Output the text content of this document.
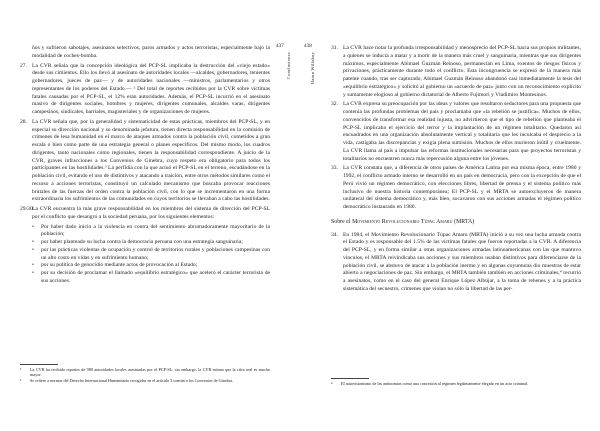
ños y sufrieron sabotajes, asesinatos selectivos, paros armados y actos terroristas, especialmente bajo la modalidad de coches-bomba.
27. La CVR señala que la concepción ideológica del PCP-SL implicaba la destrucción del «viejo estado» desde sus cimientos. Ello los llevó al asesinato de autoridades locales —alcaldes, gobernadores, tenientes gobernadores, jueces de paz— y de autoridades nacionales —ministros, parlamentarios y otros representantes de los poderes del Estado.— ² Del total de reportes recibidos por la CVR sobre víctimas fatales causadas por el PCP-SL, el 12% eran autoridades. Además, el PCP-SL incurrió en el asesinato masivo de dirigentes sociales, hombres y mujeres, dirigentes comunales, alcaldes varas, dirigentes campesinos, sindicales, barriales, magisteriales y de organizaciones de mujeres.
28. La CVR señala que, por la generalidad y sistematicidad de estas prácticas, miembros del PCP-SL, y en especial su dirección nacional y su denominada jefatura, tienen directa responsabilidad en la comisión de crímenes de lesa humanidad en el marco de ataques armados contra la población civil, cometidos a gran escala o bien como parte de una estrategia general o planes específicos. Del mismo modo, los cuadros dirigentes, tanto nacionales como regionales, tienen la responsabilidad correspondiente. A juicio de la CVR, graves infracciones a los Convenios de Ginebra, cuyo respeto era obligatorio para todos los participantes en las hostilidades.³ La perfidia con la que actuó el PCP-SL en el terreno, escudándose en la población civil, evitando el uso de distintivos y atacando a traición, entre otros métodos similares como el recurso a acciones terroristas, constituyó un calculado mecanismo que buscaba provocar reacciones brutales de las fuerzas del orden contra la población civil, con lo que se incrementaron en una forma extraordinaria los sufrimientos de las comunidades en cuyos territorios se llevaban a cabo las hostilidades.
29/30.
La CVR encuentra la más grave responsabilidad en los miembros del sistema de dirección del PCP-SL por el conflicto que desangró a la sociedad peruana, por los siguientes elementos:
• Por haber dado inicio a la violencia en contra del sentimiento abrumadoramente mayoritario de la población;
• por haber planteado su lucha contra la democracia peruana con una estrategia sanguinaria;
• por las prácticas violentas de ocupación y control de territorios rurales y poblaciones campesinas con un alto costo en vidas y en sufrimiento humano;
• por su política de genocidio mediante actos de provocación al Estado;
• por su decisión de proclamar el llamado «equilibrio estratégico» que aceleró el carácter terrorista de sus acciones.
437
Conclusiones

² La CVR ha recibido reportes de 980 autoridades locales asesinadas por el PCP-SL; sin embargo, la CVR estima que la cifra real es mucho mayor.

³ Se refiere a normas del Derecho Internacional Humanitario recogidas en el artículo 3 común a los Convenios de Ginebra.

438
Hatun Willakuy
31. La CVR hace notar la profunda irresponsabilidad y menosprecio del PCP-SL hacia sus propios militantes, a quienes se inducía a matar y a morir de la manera más cruel y sanguinaria, mientras que sus dirigentes máximos, especialmente Abimael Guzmán Reinoso, permanecían en Lima, exentos de riesgos físicos y privaciones, prácticamente durante todo el conflicto. Esta incongruencia se expresó de la manera más patente cuando, tras ser capturado, Abimael Guzmán Reinoso abandonó casi inmediatamente la tesis del «equilibrio estratégico» y solicitó al gobierno un «acuerdo de paz» junto con un reconocimiento explícito y sumamente elogioso al gobierno dictatorial de Alberto Fujimori y Vladimiro Montesinos.
32. La CVR expresa su preocupación por las ideas y valores que resultaron seductores para una propuesta que contenía las profundas problemas del país y proclamaba que «la rebelión se justifica». Muchos de ellos, convencidos de transformar esa realidad injusta, no advirtieron que el tipo de rebelión que planteaba el PCP-SL implicaba el ejercicio del terror y la implantación de un régimen totalitario. Quedaron así encuadrados en una organización absolutamente vertical y totalitaria que les inculcaba el desprecio a la vida, castigaba las discrepancias y exigía plena sumisión. Muchos de ellos murieron inútil y cruelmente. La CVR llama al país a impulsar las reformas institucionales necesarias para que proyectos terroristas y totalitarios no encuentren nunca más repercusión alguna entre los jóvenes.
33. La CVR constata que, a diferencia de otros países de América Latina por esa misma época, entre 1980 y 1992, el conflicto armado interno se desarrolló en un país en democracia, pero con la excepción de que el Perú vivió un régimen democrático, con elecciones libres, libertad de prensa y el sistema político más inclusivo de nuestra historia contemporánea; El PCP-SL y el MRTA se autoexcluyeron de manera unilateral del sistema democrático y, más bien, socavaron con sus acciones armadas el régimen político democrático instaurado en 1980.
Sobre el Movimiento Revolucionario Túpac Amaru (MRTA)
34. En 1984, el Movimiento Revolucionario Túpac Amaru (MRTA) inició a su vez una lucha armada contra el Estado y es responsable del 1.5% de las víctimas fatales que fueron reportadas a la CVR. A diferencia del PCP-SL, y en forma similar a otras organizaciones armadas latinoamericanas con las que mantuvo vínculos, el MRTA reivindicaba sus acciones y sus miembros usaban distintivos para diferenciarse de la población civil, se abstuvo de atacar a la población inerme y en algunas coyunturas dio muestras de estar abierto a negociaciones de paz. Sin embargo, el MRTA también también en acciones criminales,⁴ recurrió a asesinatos, como en el caso del general Enrique López Albújar, a la toma de rehenes y a la práctica sistemática del secuestro, crímenes que violan no sólo la libertad de las per-

⁴ El autovisionismo de las antinomias como una concesión al régimen legítimamente elegido en un acto criminal.
